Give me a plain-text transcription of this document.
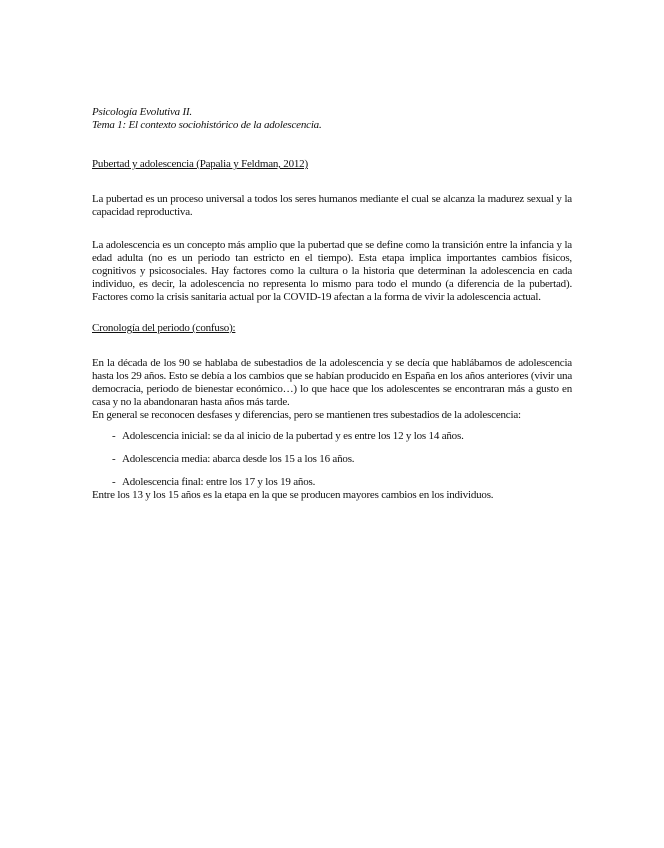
Psicología Evolutiva II.

Tema 1: El contexto sociohistórico de la adolescencia.

Pubertad y adolescencia (Papalia y Feldman, 2012)

La pubertad es un proceso universal a todos los seres humanos mediante el cual se alcanza la madurez sexual y la capacidad reproductiva.

La adolescencia es un concepto más amplio que la pubertad que se define como la transición entre la infancia y la edad adulta (no es un periodo tan estricto en el tiempo). Esta etapa implica importantes cambios físicos, cognitivos y psicosociales. Hay factores como la cultura o la historia que determinan la adolescencia en cada individuo, es decir, la adolescencia no representa lo mismo para todo el mundo (a diferencia de la pubertad). Factores como la crisis sanitaria actual por la COVID-19 afectan a la forma de vivir la adolescencia actual.

Cronología del periodo (confuso):

En la década de los 90 se hablaba de subestadios de la adolescencia y se decía que hablábamos de adolescencia hasta los 29 años. Esto se debía a los cambios que se habían producido en España en los años anteriores (vivir una democracia, periodo de bienestar económico…) lo que hace que los adolescentes se encontraran más a gusto en casa y no la abandonaran hasta años más tarde.

En general se reconocen desfases y diferencias, pero se mantienen tres subestadios de la adolescencia:

- Adolescencia inicial: se da al inicio de la pubertad y es entre los 12 y los 14 años.
- Adolescencia media: abarca desde los 15 a los 16 años.
- Adolescencia final: entre los 17 y los 19 años.

Entre los 13 y los 15 años es la etapa en la que se producen mayores cambios en los individuos.
